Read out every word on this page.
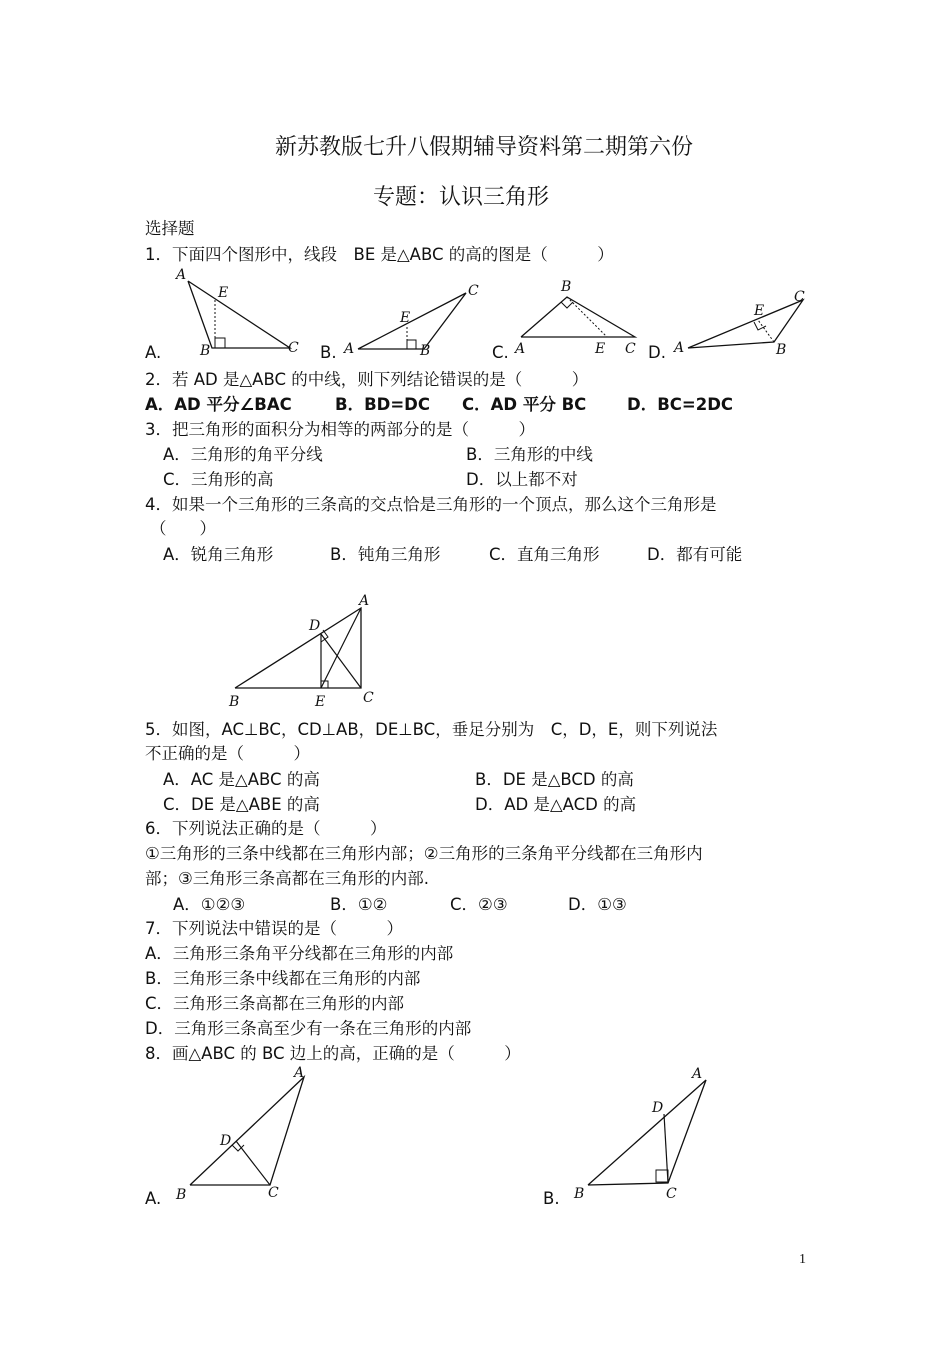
新苏教版七升八假期辅导资料第二期第六份
专题：认识三角形
选择题
1．下面四个图形中，线段　BE 是△ABC 的高的图是（　　　）
A
E
B	C
A.	A
E
B
C
B.
B
A	E C
C.	A
E
B
C
D.
2．若 AD 是△ABC 的中线，则下列结论错误的是（　　　）
A．AD 平分∠BAC	B．BD=DC C．AD 平分 BC D．BC=2DC
3．把三角形的面积分为相等的两部分的是（　　　）
A．三角形的角平分线	B．三角形的中线
C．三角形的高	D．以上都不对
4．如果一个三角形的三条高的交点恰是三角形的一个顶点，那么这个三角形是
（　　）
A．锐角三角形	B．钝角三角形	C．直角三角形	D．都有可能
A
D
B	E	C
5．如图，AC⊥BC，CD⊥AB，DE⊥BC，垂足分别为　C，D，E，则下列说法
不正确的是（　　　）
A．AC 是△ABC 的高	B．DE 是△BCD 的高
C．DE 是△ABE 的高	D．AD 是△ACD 的高
6．下列说法正确的是（　　　）
①三角形的三条中线都在三角形内部；②三角形的三条角平分线都在三角形内
部；③三角形三条高都在三角形的内部.
A．①②③	B．①②	C．②③	D．①③
7．下列说法中错误的是（　　　）
A．三角形三条角平分线都在三角形的内部
B．三角形三条中线都在三角形的内部
C．三角形三条高都在三角形的内部
D．三角形三条高至少有一条在三角形的内部
8．画△ABC 的 BC 边上的高，正确的是（　　　）
A
D
B	C
A.
A
D
B	C
B.
1
